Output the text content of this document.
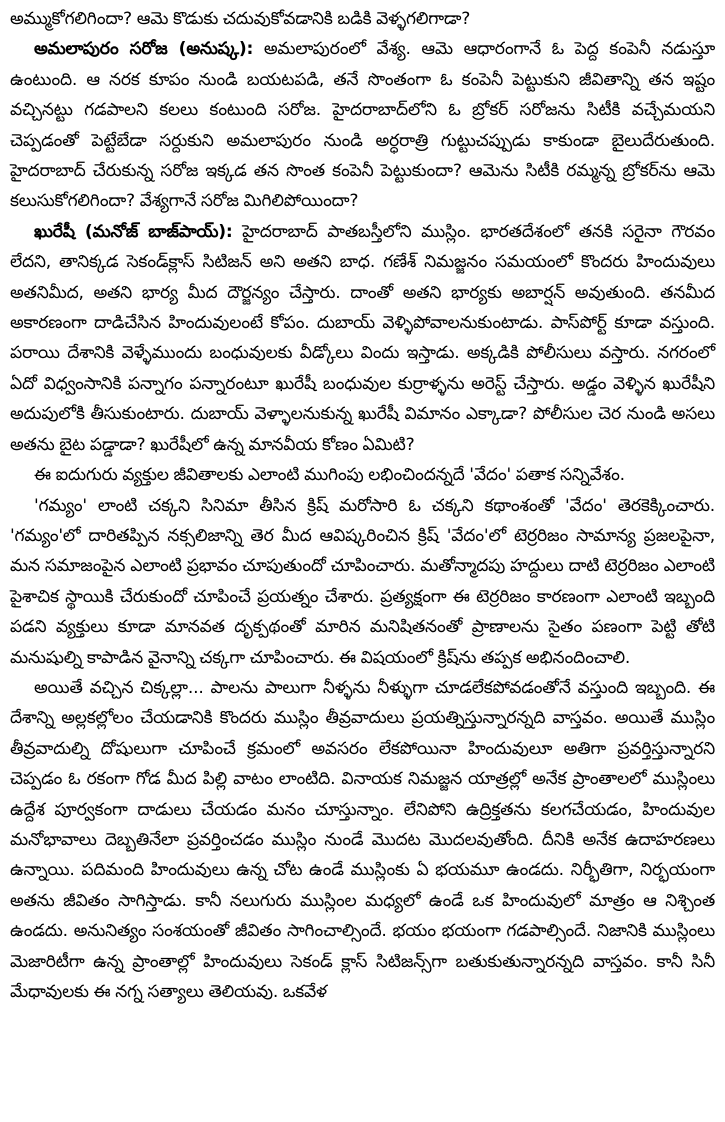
అమ్ముకోగలిగిందా? ఆమె కొడుకు చదువుకోవడానికి బడికి వెళ్ళగలిగాడా?

అమలాపురం సరోజ (అనుష్క): అమలాపురంలో వేశ్య. ఆమె ఆధారంగానే ఓ పెద్ద కంపెనీ నడుస్తూ ఉంటుంది. ఆ నరక కూపం నుండి బయటపడి, తనే సొంతంగా ఓ కంపెనీ పెట్టుకుని జీవితాన్ని తన ఇష్టం వచ్చినట్టు గడపాలని కలలు కంటుంది సరోజ. హైదరాబాద్‌లోని ఓ బ్రోకర్ సరోజను సిటీకి వచ్చేమయని చెప్పడంతో పెట్టేబేడా సర్దుకుని అమలాపురం నుండి అర్ధరాత్రి గుట్టుచప్పుడు కాకుండా బైలుదేరుతుంది. హైదరాబాద్ చేరుకున్న సరోజ ఇక్కడ తన సొంత కంపెనీ పెట్టుకుందా? ఆమెను సిటీకి రమ్మన్న బ్రోకర్‌ను ఆమె కలుసుకోగలిగిందా? వేశ్యగానే సరోజ మిగిలిపోయిందా?

ఖురేషీ (మనోజ్ బాజ్‌పాయ్): హైదరాబాద్ పాతబస్తీలోని ముస్లిం. భారతదేశంలో తనకి సరైనా గౌరవం లేదని, తానిక్కడ సెకండ్‌క్లాస్ సిటిజన్ అని అతని బాధ. గణేశ్ నిమజ్జనం సమయంలో కొందరు హిందువులు అతనిమీద, అతని భార్య మీద దౌర్జన్యం చేస్తారు. దాంతో అతని భార్యకు అబార్షన్ అవుతుంది. తనమీద అకారణంగా దాడిచేసిన హిందువులంటే కోపం. దుబాయ్ వెళ్ళిపోవాలనుకుంటాడు. పాస్‌పోర్ట్ కూడా వస్తుంది. పరాయి దేశానికి వెళ్ళేముందు బంధువులకు వీడ్కోలు విందు ఇస్తాడు. అక్కడికి పోలీసులు వస్తారు. నగరంలో ఏదో విధ్వంసానికి పన్నాగం పన్నారంటూ ఖురేషీ బంధువుల కుర్రాళ్ళను అరెస్ట్ చేస్తారు. అడ్డం వెళ్ళిన ఖురేషీని అదుపులోకి తీసుకుంటారు. దుబాయ్ వెళ్ళాలనుకున్న ఖురేషీ విమానం ఎక్కాడా? పోలీసుల చెర నుండి అసలు అతను బైట పడ్డాడా? ఖురేషీలో ఉన్న మానవీయ కోణం ఏమిటి?

ఈ ఐదుగురు వ్యక్తుల జీవితాలకు ఎలాంటి ముగింపు లభించిందన్నదే 'వేదం' పతాక సన్నివేశం.

'గమ్యం' లాంటి చక్కని సినిమా తీసిన క్రిష్ మరోసారి ఓ చక్కని కథాంశంతో 'వేదం' తెరకెక్కించారు. 'గమ్యం'లో దారితప్పిన నక్సలిజాన్ని తెర మీద ఆవిష్కరించిన క్రిష్ 'వేదం'లో టెర్రరిజం సామాన్య ప్రజలపైనా, మన సమాజంపైన ఎలాంటి ప్రభావం చూపుతుందో చూపించారు. మతోన్మాదపు హద్దులు దాటి టెర్రరిజం ఎలాంటి పైశాచిక స్థాయికి చేరుకుందో చూపించే ప్రయత్నం చేశారు. ప్రత్యక్షంగా ఈ టెర్రరిజం కారణంగా ఎలాంటి ఇబ్బంది పడని వ్యక్తులు కూడా మానవత దృక్పథంతో మారిన మనిషితనంతో ప్రాణాలను సైతం పణంగా పెట్టి తోటి మనుషుల్ని కాపాడిన వైనాన్ని చక్కగా చూపించారు. ఈ విషయంలో క్రిష్‌ను తప్పక అభినందించాలి.

అయితే వచ్చిన చిక్కల్లా... పాలను పాలుగా నీళ్ళను నీళ్ళుగా చూడలేకపోవడంతోనే వస్తుంది ఇబ్బంది. ఈ దేశాన్ని అల్లకల్లోలం చేయడానికి కొందరు ముస్లిం తీవ్రవాదులు ప్రయత్నిస్తున్నారన్నది వాస్తవం. అయితే ముస్లిం తీవ్రవాదుల్ని దోషులుగా చూపించే క్రమంలో అవసరం లేకపోయినా హిందువులూ అతిగా ప్రవర్తిస్తున్నారని చెప్పడం ఓ రకంగా గోడ మీద పిల్లి వాటం లాంటిది. వినాయక నిమజ్జన యాత్రల్లో అనేక ప్రాంతాలలో ముస్లింలు ఉద్దేశ పూర్వకంగా దాడులు చేయడం మనం చూస్తున్నాం. లేనిపోని ఉద్రిక్తతను కలగచేయడం, హిందువుల మనోభావాలు దెబ్బతినేలా ప్రవర్తించడం ముస్లిం నుండే మొదట మొదలవుతోంది. దీనికి అనేక ఉదాహరణలు ఉన్నాయి. పదిమంది హిందువులు ఉన్న చోట ఉండే ముస్లింకు ఏ భయమూ ఉండదు. నిర్భీతిగా, నిర్భయంగా అతను జీవితం సాగిస్తాడు. కానీ నలుగురు ముస్లింల మధ్యలో ఉండే ఒక హిందువులో మాత్రం ఆ నిశ్చింత ఉండదు. అనునిత్యం సంశయంతో జీవితం సాగించాల్సిందే. భయం భయంగా గడపాల్సిందే. నిజానికి ముస్లింలు మెజారిటీగా ఉన్న ప్రాంతాల్లో హిందువులు సెకండ్ క్లాస్ సిటిజన్స్‌గా బతుకుతున్నారన్నది వాస్తవం. కానీ సినీ మేధావులకు ఈ నగ్న సత్యాలు తెలియవు. ఒకవేళ
